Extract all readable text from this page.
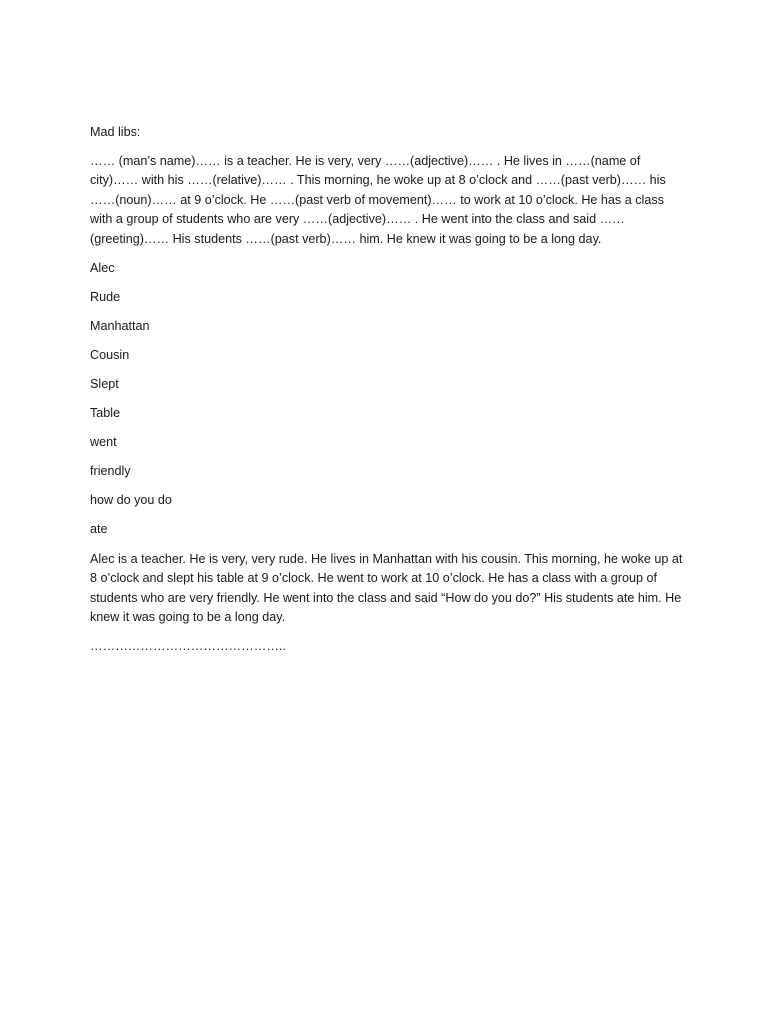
Mad libs:

…… (man’s name)…… is a teacher. He is very, very ……(adjective)…… . He lives in ……(name of city)…… with his ……(relative)…… . This morning, he woke up at 8 o’clock and ……(past verb)…… his ……(noun)…… at 9 o’clock. He ……(past verb of movement)…… to work at 10 o’clock. He has a class with a group of students who are very ……(adjective)…… . He went into the class and said ……(greeting)…… His students ……(past verb)…… him. He knew it was going to be a long day.

Alec

Rude

Manhattan

Cousin

Slept

Table

went

friendly

how do you do

ate

Alec is a teacher. He is very, very rude. He lives in Manhattan with his cousin. This morning, he woke up at 8 o’clock and slept his table at 9 o’clock. He went to work at 10 o’clock. He has a class with a group of students who are very friendly. He went into the class and said “How do you do?” His students ate him. He knew it was going to be a long day.

………………………………………..
